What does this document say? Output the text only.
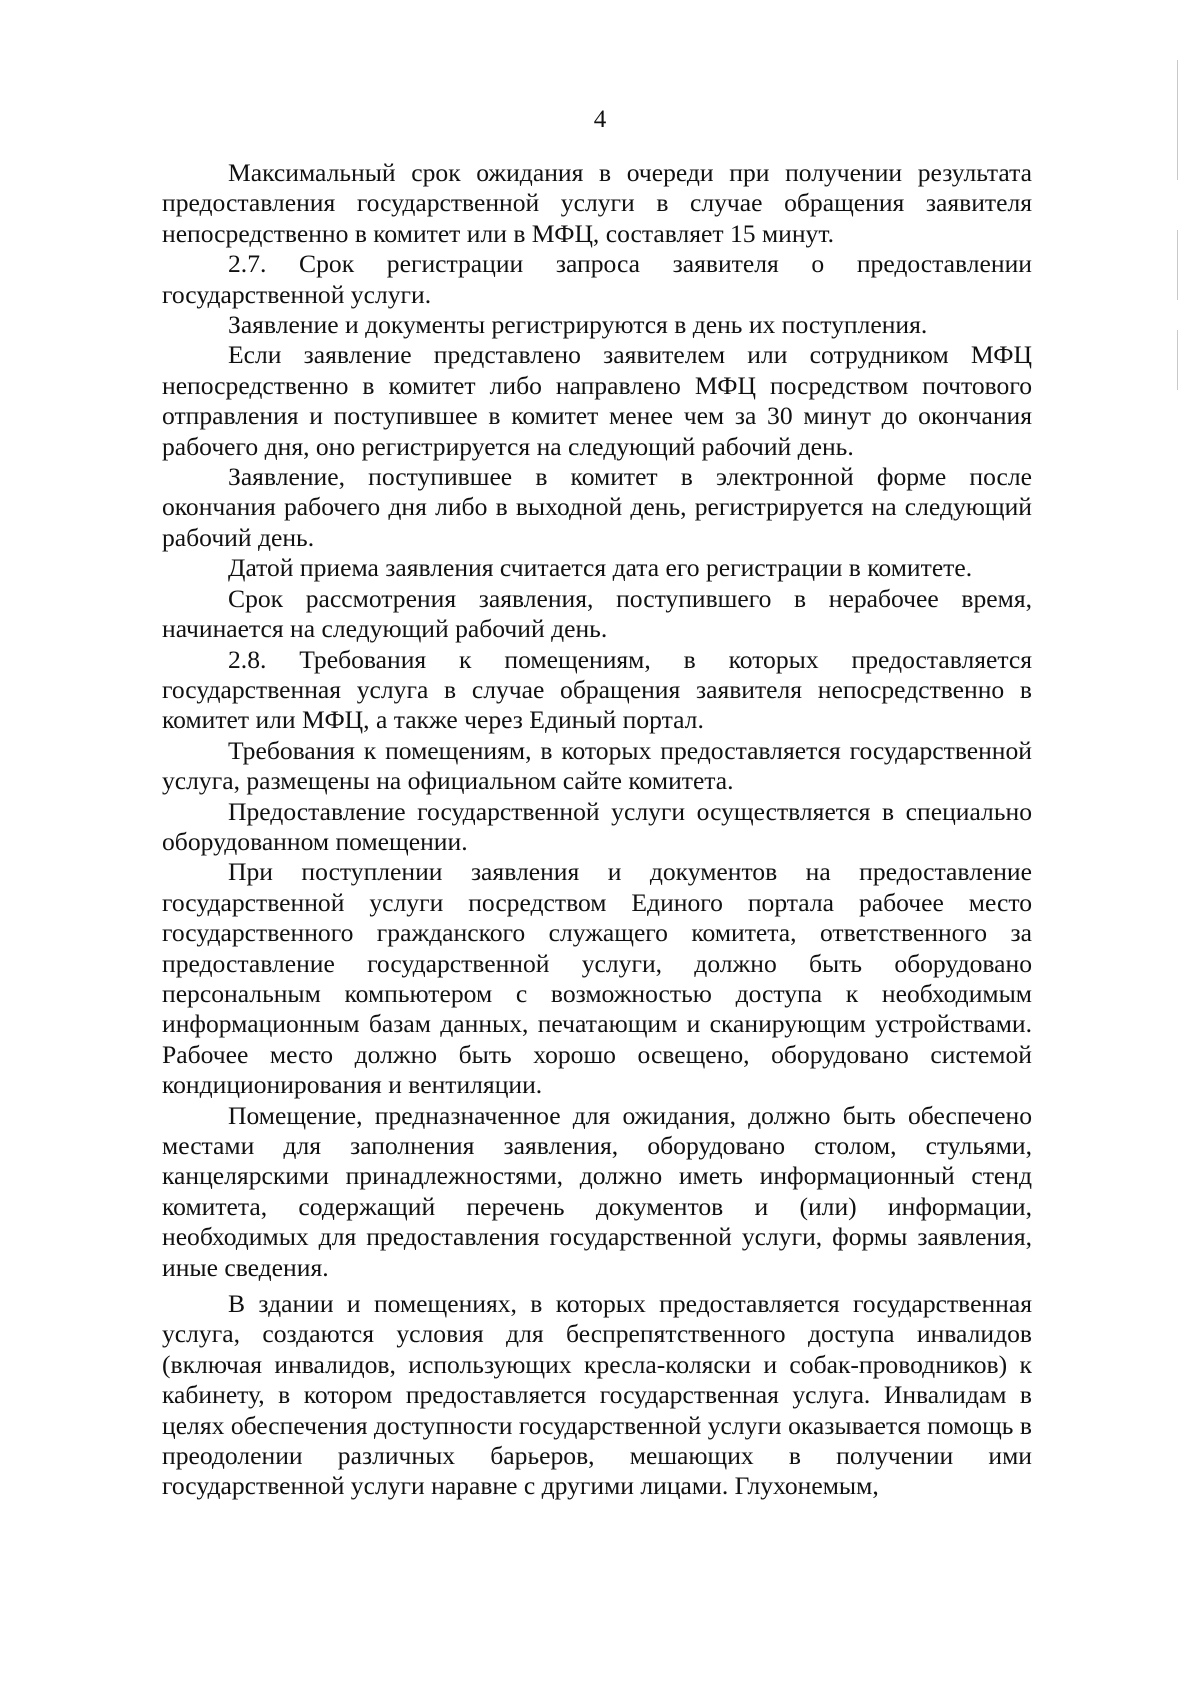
4

Максимальный срок ожидания в очереди при получении результата предоставления государственной услуги в случае обращения заявителя непосредственно в комитет или в МФЦ, составляет 15 минут.

2.7. Срок регистрации запроса заявителя о предоставлении государственной услуги.

Заявление и документы регистрируются в день их поступления.

Если заявление представлено заявителем или сотрудником МФЦ непосредственно в комитет либо направлено МФЦ посредством почтового отправления и поступившее в комитет менее чем за 30 минут до окончания рабочего дня, оно регистрируется на следующий рабочий день.

Заявление, поступившее в комитет в электронной форме после окончания рабочего дня либо в выходной день, регистрируется на следующий рабочий день.

Датой приема заявления считается дата его регистрации в комитете.

Срок рассмотрения заявления, поступившего в нерабочее время, начинается на следующий рабочий день.

2.8. Требования к помещениям, в которых предоставляется государственная услуга в случае обращения заявителя непосредственно в комитет или МФЦ, а также через Единый портал.

Требования к помещениям, в которых предоставляется государственной услуга, размещены на официальном сайте комитета.

Предоставление государственной услуги осуществляется в специально оборудованном помещении.

При поступлении заявления и документов на предоставление государственной услуги посредством Единого портала рабочее место государственного гражданского служащего комитета, ответственного за предоставление государственной услуги, должно быть оборудовано персональным компьютером с возможностью доступа к необходимым информационным базам данных, печатающим и сканирующим устройствами. Рабочее место должно быть хорошо освещено, оборудовано системой кондиционирования и вентиляции.

Помещение, предназначенное для ожидания, должно быть обеспечено местами для заполнения заявления, оборудовано столом, стульями, канцелярскими принадлежностями, должно иметь информационный стенд комитета, содержащий перечень документов и (или) информации, необходимых для предоставления государственной услуги, формы заявления, иные сведения.

В здании и помещениях, в которых предоставляется государственная услуга, создаются условия для беспрепятственного доступа инвалидов (включая инвалидов, использующих кресла-коляски и собак-проводников) к кабинету, в котором предоставляется государственная услуга. Инвалидам в целях обеспечения доступности государственной услуги оказывается помощь в преодолении различных барьеров, мешающих в получении ими государственной услуги наравне с другими лицами. Глухонемым,
